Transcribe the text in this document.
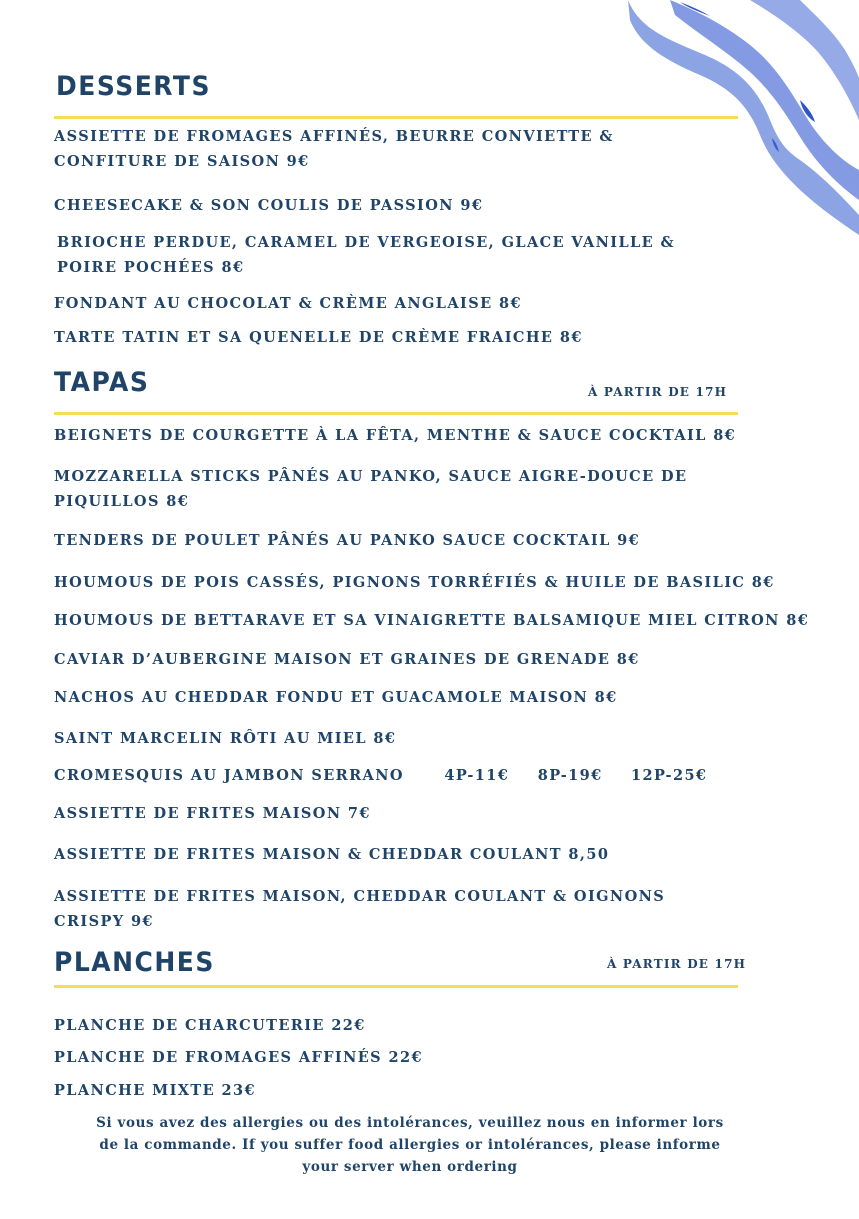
DESSERTS
ASSIETTE DE FROMAGES AFFINÉS, BEURRE CONVIETTE &
CONFITURE DE SAISON 9€
CHEESECAKE & SON COULIS DE PASSION 9€
BRIOCHE PERDUE, CARAMEL DE VERGEOISE, GLACE VANILLE &
POIRE POCHÉES 8€
FONDANT AU CHOCOLAT & CRÈME ANGLAISE 8€
TARTE TATIN ET SA QUENELLE DE CRÈME FRAICHE 8€
TAPAS	À PARTIR DE 17H
BEIGNETS DE COURGETTE À LA FÊTA, MENTHE & SAUCE COCKTAIL 8€
MOZZARELLA STICKS PÂNÉS AU PANKO, SAUCE AIGRE-DOUCE DE
PIQUILLOS 8€
TENDERS DE POULET PÂNÉS AU PANKO SAUCE COCKTAIL 9€
HOUMOUS DE POIS CASSÉS, PIGNONS TORRÉFIÉS & HUILE DE BASILIC 8€
HOUMOUS DE BETTARAVE ET SA VINAIGRETTE BALSAMIQUE MIEL CITRON 8€
CAVIAR D’AUBERGINE MAISON ET GRAINES DE GRENADE 8€
NACHOS AU CHEDDAR FONDU ET GUACAMOLE MAISON 8€
SAINT MARCELIN RÔTI AU MIEL 8€
CROMESQUIS AU JAMBON SERRANO	4P-11€ 8P-19€ 12P-25€
ASSIETTE DE FRITES MAISON 7€
ASSIETTE DE FRITES MAISON & CHEDDAR COULANT 8,50
ASSIETTE DE FRITES MAISON, CHEDDAR COULANT & OIGNONS
CRISPY 9€
PLANCHES	À PARTIR DE 17H
PLANCHE DE CHARCUTERIE 22€
PLANCHE DE FROMAGES AFFINÉS 22€
PLANCHE MIXTE 23€
Si vous avez des allergies ou des intolérances, veuillez nous en informer lors
de la commande. If you suffer food allergies or intolérances, please informe
your server when ordering
